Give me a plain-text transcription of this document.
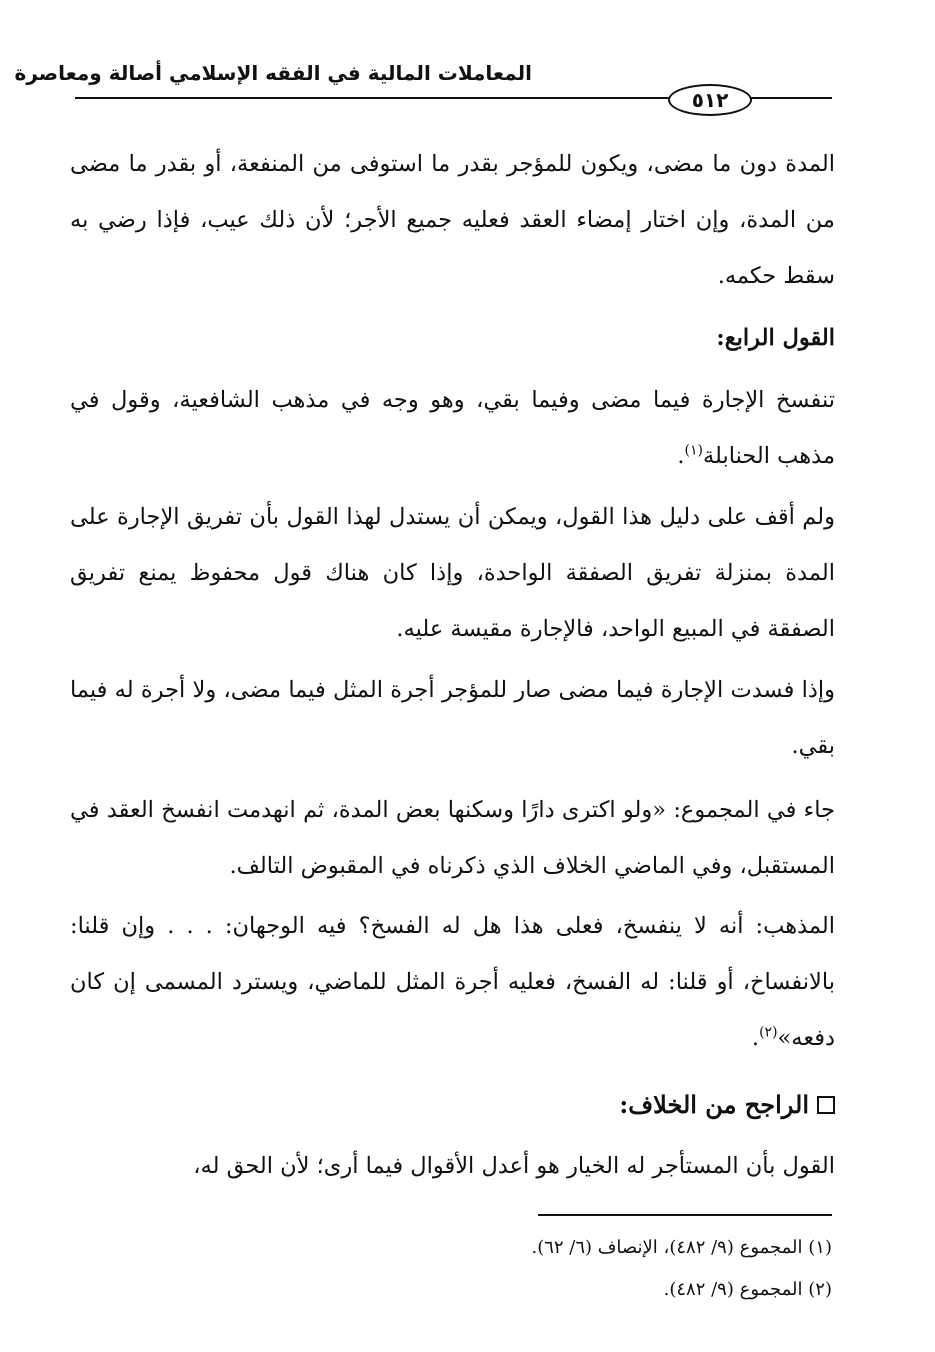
المعاملات المالية في الفقه الإسلامي أصالة ومعاصرة
٥١٢
المدة دون ما مضى، ويكون للمؤجر بقدر ما استوفى من المنفعة، أو بقدر ما مضى من المدة، وإن اختار إمضاء العقد فعليه جميع الأجر؛ لأن ذلك عيب، فإذا رضي به سقط حكمه.
القول الرابع:
تنفسخ الإجارة فيما مضى وفيما بقي، وهو وجه في مذهب الشافعية، وقول في مذهب الحنابلة$^{(١)}$.
ولم أقف على دليل هذا القول، ويمكن أن يستدل لهذا القول بأن تفريق الإجارة على المدة بمنزلة تفريق الصفقة الواحدة، وإذا كان هناك قول محفوظ يمنع تفريق الصفقة في المبيع الواحد، فالإجارة مقيسة عليه.
وإذا فسدت الإجارة فيما مضى صار للمؤجر أجرة المثل فيما مضى، ولا أجرة له فيما بقي.
جاء في المجموع: «ولو اكترى دارًا وسكنها بعض المدة، ثم انهدمت انفسخ العقد في المستقبل، وفي الماضي الخلاف الذي ذكرناه في المقبوض التالف.
المذهب: أنه لا ينفسخ، فعلى هذا هل له الفسخ؟ فيه الوجهان: . . . وإن قلنا: بالانفساخ، أو قلنا: له الفسخ، فعليه أجرة المثل للماضي، ويسترد المسمى إن كان دفعه»$^{(٢)}$.
الراجح من الخلاف:
القول بأن المستأجر له الخيار هو أعدل الأقوال فيما أرى؛ لأن الحق له،
(١) المجموع (٩/ ٤٨٢)، الإنصاف (٦/ ٦٢).
(٢) المجموع (٩/ ٤٨٢).
